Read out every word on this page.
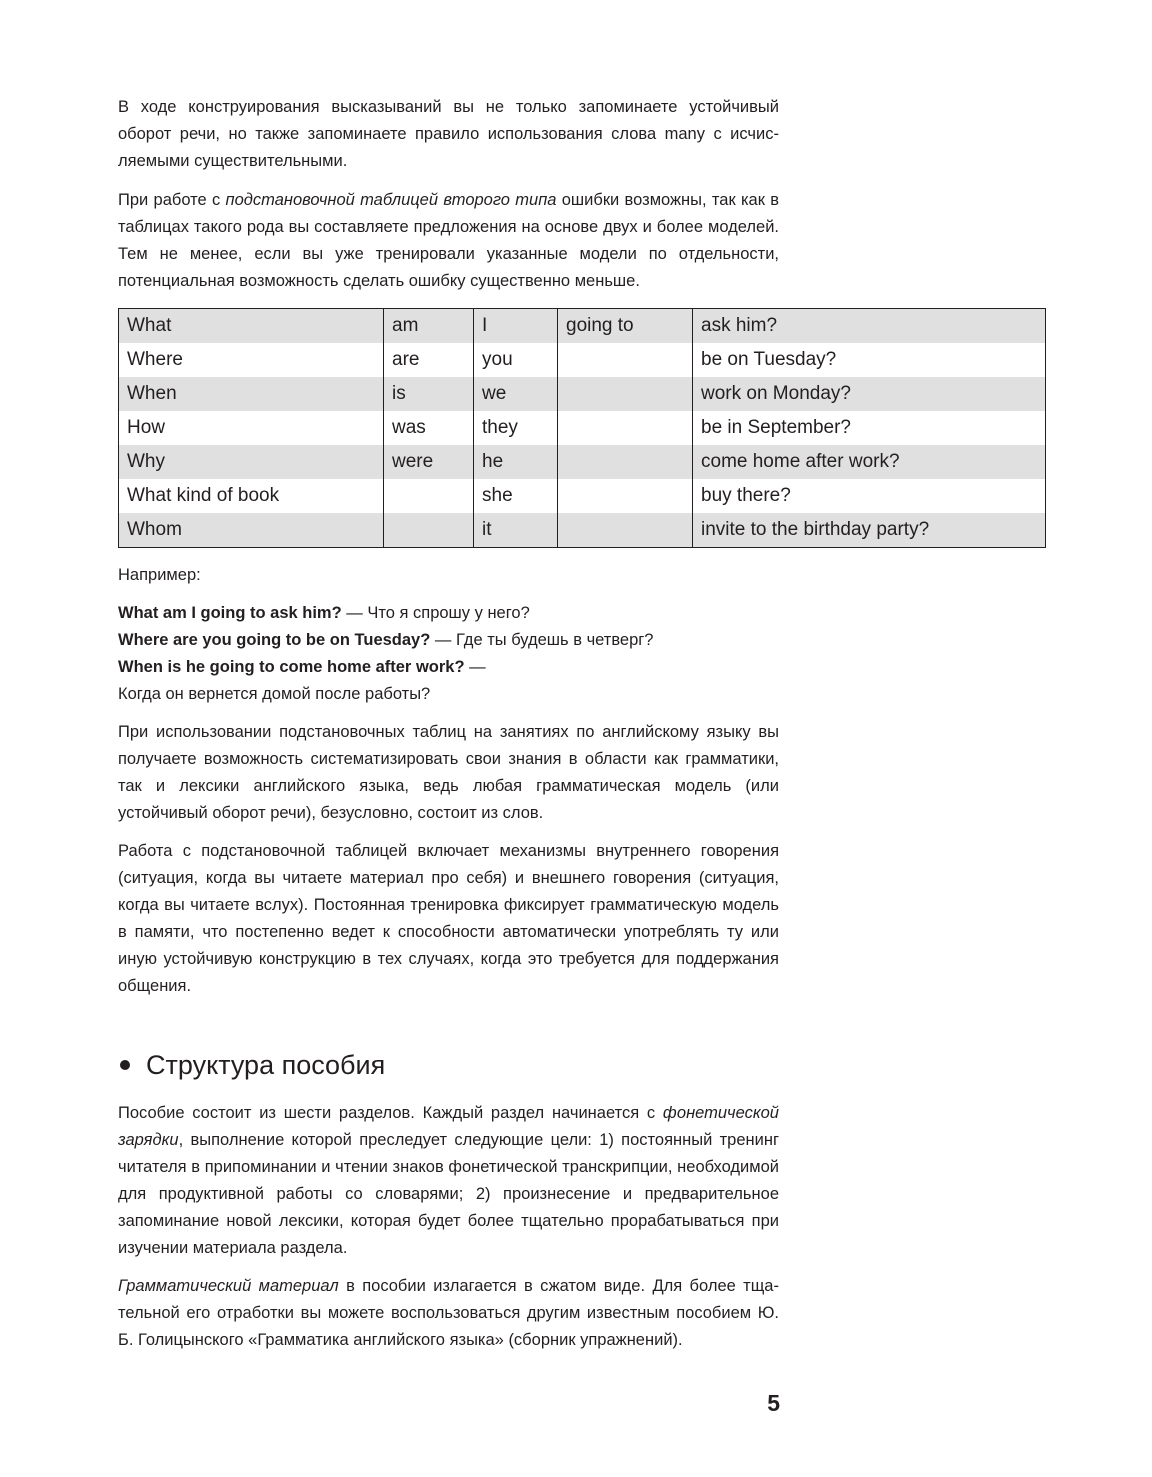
В ходе конструирования высказываний вы не только запоминаете устойчивый оборот речи, но также запоминаете правило использования слова many с исчисляемыми существительными.

При работе с подстановочной таблицей второго типа ошибки возможны, так как в таблицах такого рода вы составляете предложения на основе двух и более моделей. Тем не менее, если вы уже тренировали указанные модели по отдельности, потенциальная возможность сделать ошибку существенно меньше.

What	am	I	going to	ask him?
Where	are	you		be on Tuesday?
When	is	we		work on Monday?
How	was	they		be in September?
Why	were	he		come home after work?
What kind of book		she		buy there?
Whom		it		invite to the birthday party?

Например:

What am I going to ask him? — Что я спрошу у него?
Where are you going to be on Tuesday? — Где ты будешь в четверг?
When is he going to come home after work? —
Когда он вернется домой после работы?

При использовании подстановочных таблиц на занятиях по английскому языку вы получаете возможность систематизировать свои знания в области как грамматики, так и лексики английского языка, ведь любая грамматическая модель (или устойчивый оборот речи), безусловно, состоит из слов.

Работа с подстановочной таблицей включает механизмы внутреннего говорения (ситуация, когда вы читаете материал про себя) и внешнего говорения (ситуация, когда вы читаете вслух). Постоянная тренировка фиксирует грамматическую модель в памяти, что постепенно ведет к способности автоматически употреблять ту или иную устойчивую конструкцию в тех случаях, когда это требуется для поддержания общения.

Структура пособия

Пособие состоит из шести разделов. Каждый раздел начинается с фонетической зарядки, выполнение которой преследует следующие цели: 1) постоянный тренинг читателя в припоминании и чтении знаков фонетической транскрипции, необходимой для продуктивной работы со словарями; 2) произнесение и предварительное запоминание новой лексики, которая будет более тщательно прорабатываться при изучении материала раздела.

Грамматический материал в пособии излагается в сжатом виде. Для более тщательной его отработки вы можете воспользоваться другим известным пособием Ю. Б. Голицынского «Грамматика английского языка» (сборник упражнений).

5
